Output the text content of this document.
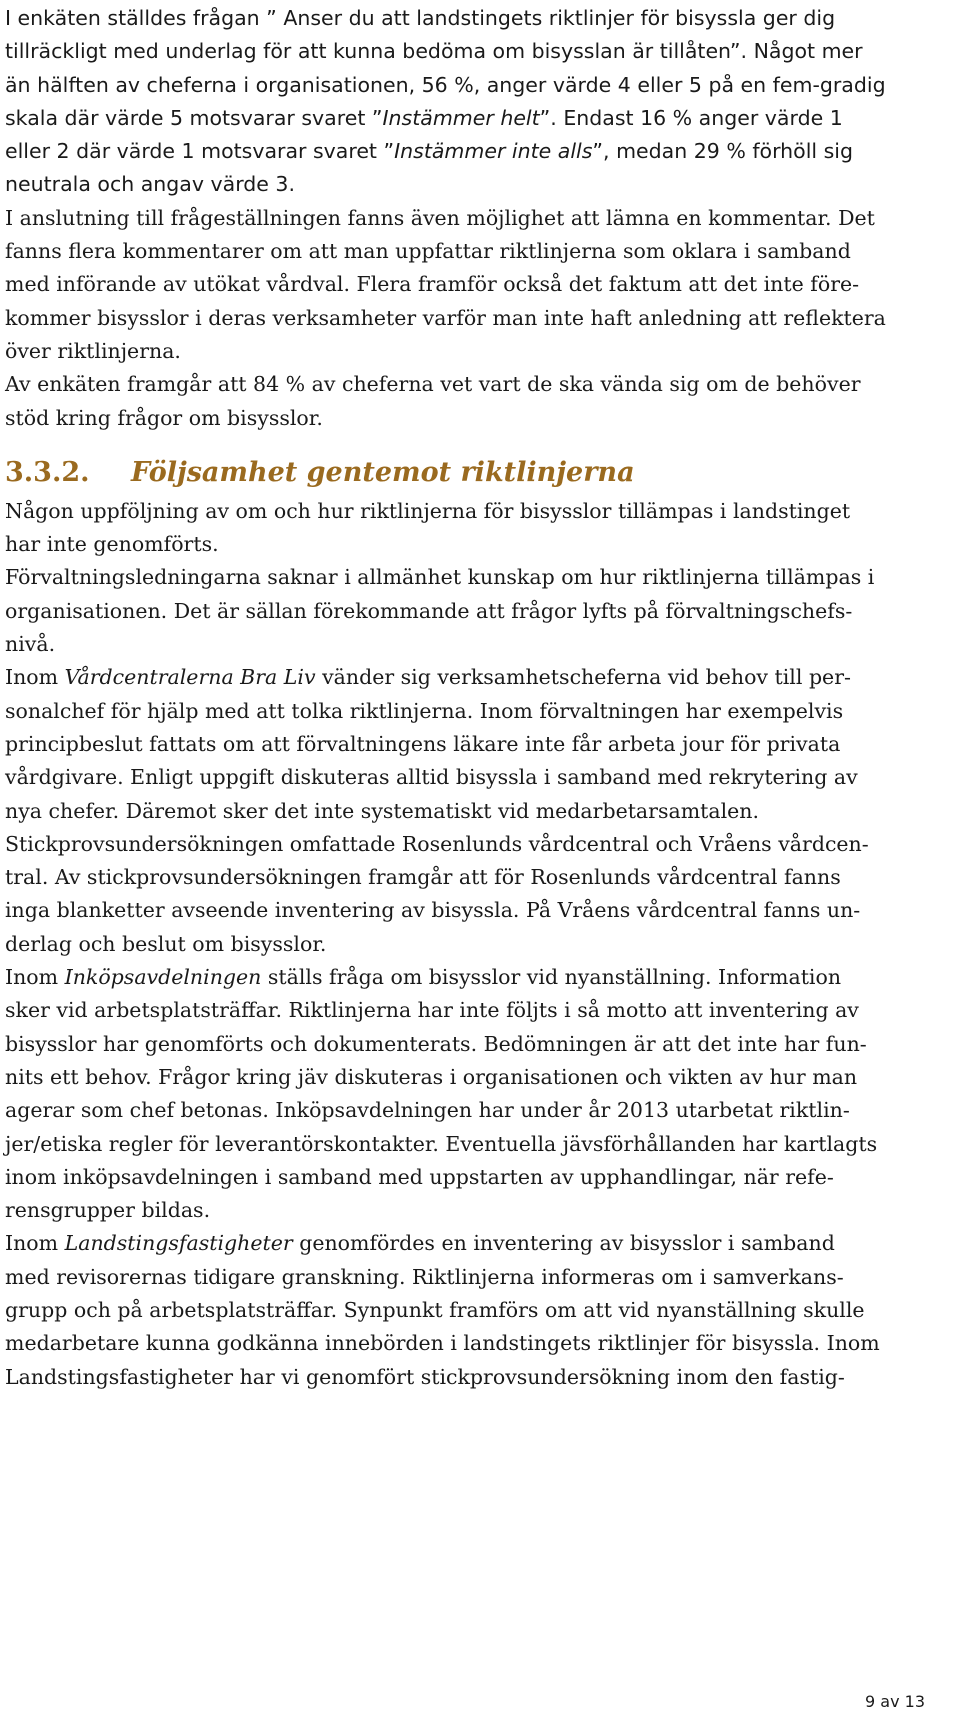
I enkäten ställdes frågan ” Anser du att landstingets riktlinjer för bisyssla ger dig
tillräckligt med underlag för att kunna bedöma om bisysslan är tillåten”. Något mer
än hälften av cheferna i organisationen, 56 %, anger värde 4 eller 5 på en fem-gradig
skala där värde 5 motsvarar svaret ”Instämmer helt”. Endast 16 % anger värde 1
eller 2 där värde 1 motsvarar svaret ”Instämmer inte alls”, medan 29 % förhöll sig
neutrala och angav värde 3.

I anslutning till frågeställningen fanns även möjlighet att lämna en kommentar. Det
fanns flera kommentarer om att man uppfattar riktlinjerna som oklara i samband
med införande av utökat vårdval. Flera framför också det faktum att det inte före-
kommer bisysslor i deras verksamheter varför man inte haft anledning att reflektera
över riktlinjerna.

Av enkäten framgår att 84 % av cheferna vet vart de ska vända sig om de behöver
stöd kring frågor om bisysslor.

3.3.2. Följsamhet gentemot riktlinjerna

Någon uppföljning av om och hur riktlinjerna för bisysslor tillämpas i landstinget
har inte genomförts.

Förvaltningsledningarna saknar i allmänhet kunskap om hur riktlinjerna tillämpas i
organisationen. Det är sällan förekommande att frågor lyfts på förvaltningschefs-
nivå.

Inom Vårdcentralerna Bra Liv vänder sig verksamhetscheferna vid behov till per-
sonalchef för hjälp med att tolka riktlinjerna. Inom förvaltningen har exempelvis
principbeslut fattats om att förvaltningens läkare inte får arbeta jour för privata
vårdgivare. Enligt uppgift diskuteras alltid bisyssla i samband med rekrytering av
nya chefer. Däremot sker det inte systematiskt vid medarbetarsamtalen.

Stickprovsundersökningen omfattade Rosenlunds vårdcentral och Vråens vårdcen-
tral. Av stickprovsundersökningen framgår att för Rosenlunds vårdcentral fanns
inga blanketter avseende inventering av bisyssla. På Vråens vårdcentral fanns un-
derlag och beslut om bisysslor.

Inom Inköpsavdelningen ställs fråga om bisysslor vid nyanställning. Information
sker vid arbetsplatsträffar. Riktlinjerna har inte följts i så motto att inventering av
bisysslor har genomförts och dokumenterats. Bedömningen är att det inte har fun-
nits ett behov. Frågor kring jäv diskuteras i organisationen och vikten av hur man
agerar som chef betonas. Inköpsavdelningen har under år 2013 utarbetat riktlin-
jer/etiska regler för leverantörskontakter. Eventuella jävsförhållanden har kartlagts
inom inköpsavdelningen i samband med uppstarten av upphandlingar, när refe-
rensgrupper bildas.

Inom Landstingsfastigheter genomfördes en inventering av bisysslor i samband
med revisorernas tidigare granskning. Riktlinjerna informeras om i samverkans-
grupp och på arbetsplatsträffar. Synpunkt framförs om att vid nyanställning skulle
medarbetare kunna godkänna innebörden i landstingets riktlinjer för bisyssla. Inom
Landstingsfastigheter har vi genomfört stickprovsundersökning inom den fastig-

9 av 13
